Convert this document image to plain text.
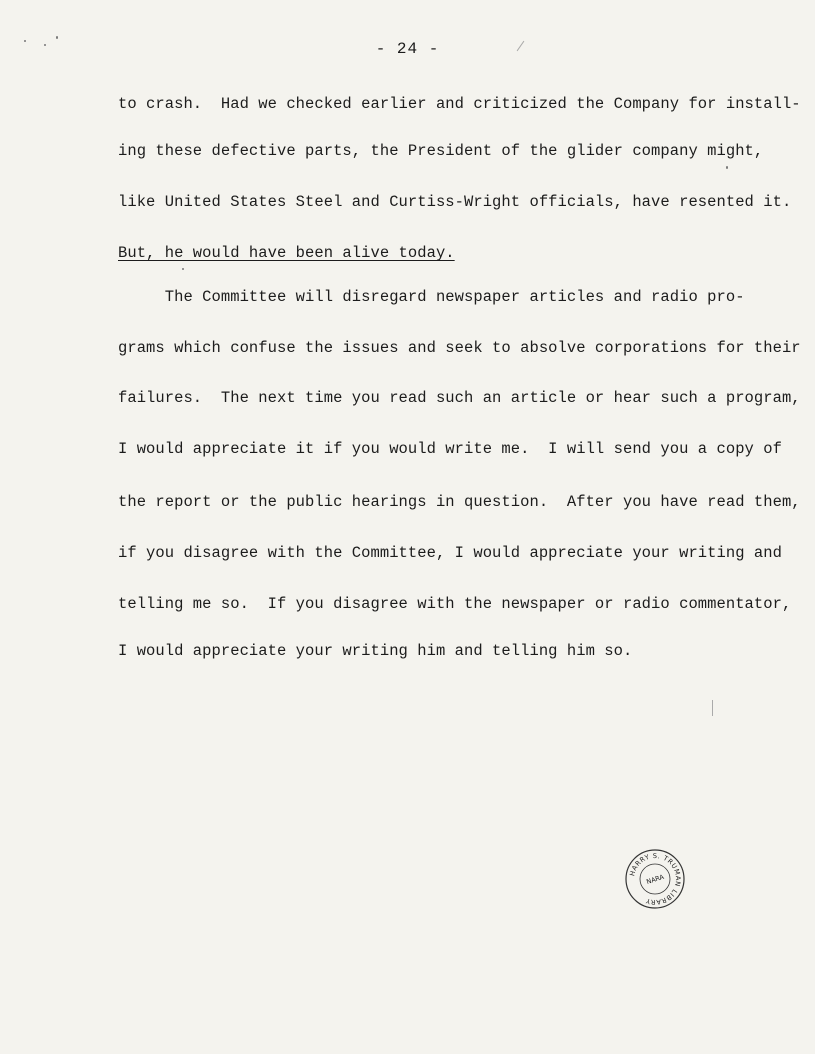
- 24 -
to crash.  Had we checked earlier and criticized the Company for install-
ing these defective parts, the President of the glider company might,
like United States Steel and Curtiss-Wright officials, have resented it.
But, he would have been alive today.
The Committee will disregard newspaper articles and radio pro-
grams which confuse the issues and seek to absolve corporations for their
failures.  The next time you read such an article or hear such a program,
I would appreciate it if you would write me.  I will send you a copy of
the report or the public hearings in question.  After you have read them,
if you disagree with the Committee, I would appreciate your writing and
telling me so.  If you disagree with the newspaper or radio commentator,
I would appreciate your writing him and telling him so.
HARRY S. TRUMAN LIBRARY
NARA
